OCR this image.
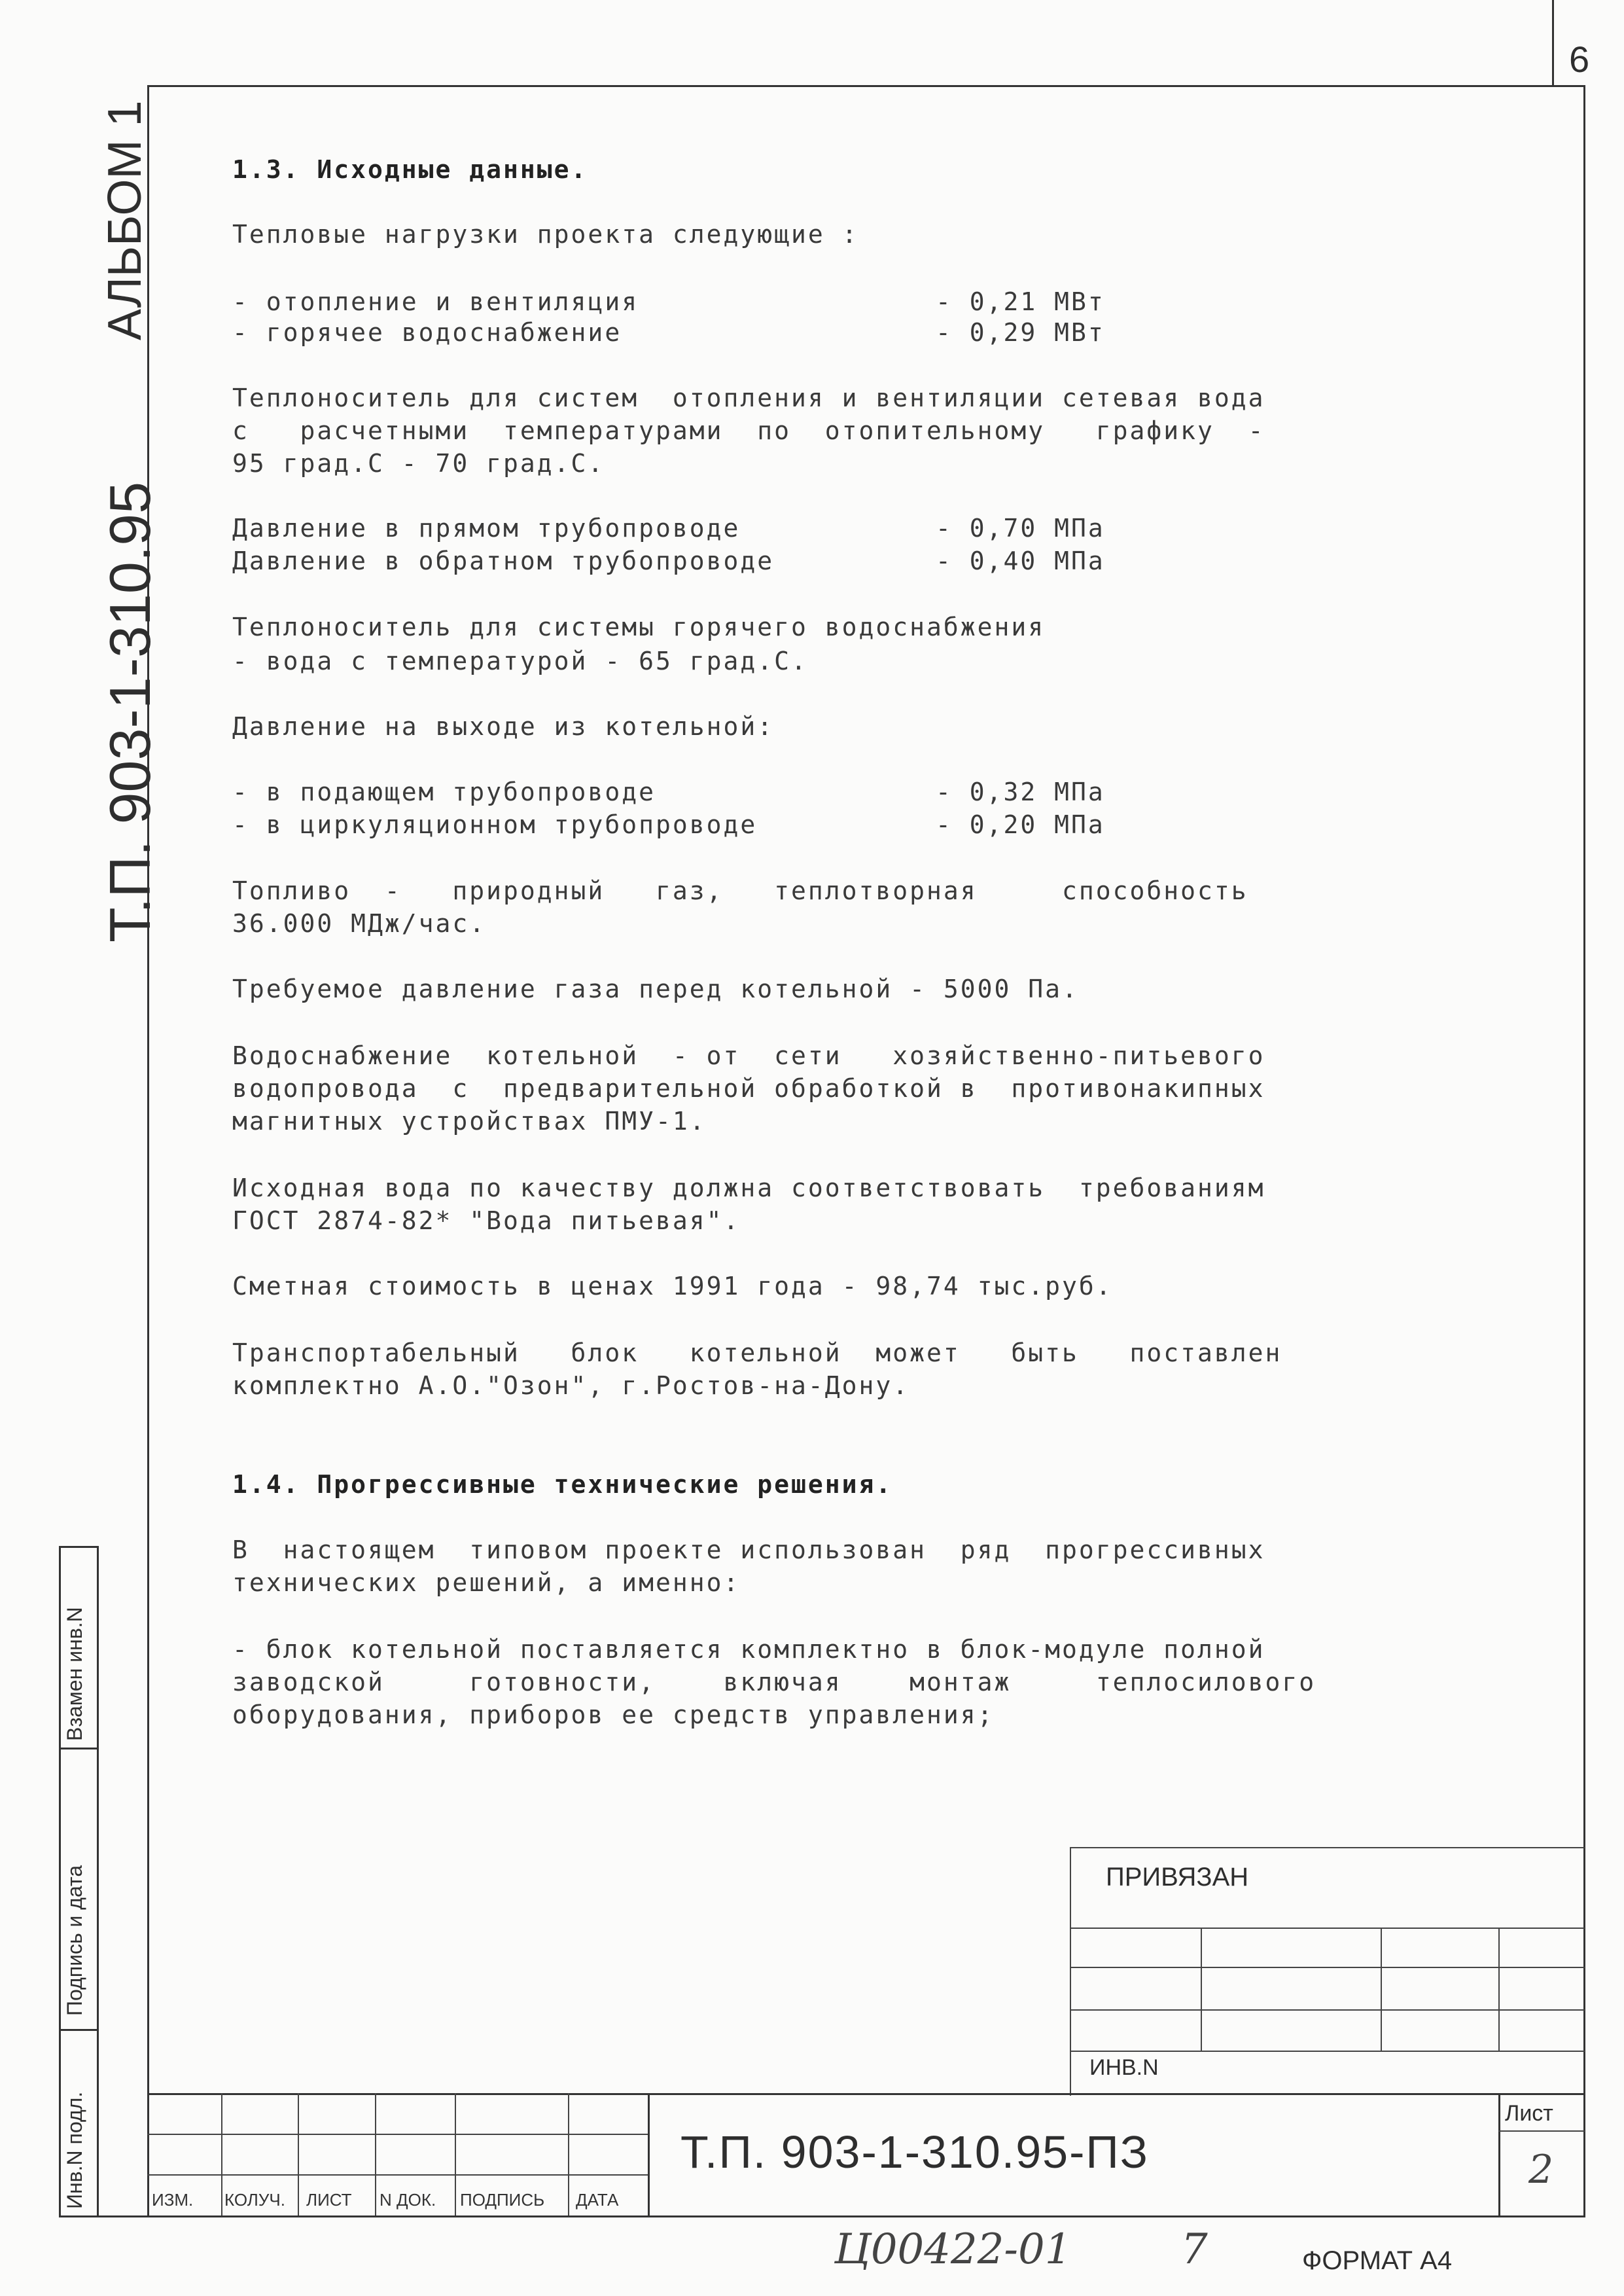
6
АЛЬБОМ 1
Т.П. 903-1-310.95
Взамен инв.N
Подпись и дата
Инв.N подл.
1.3. Исходные данные.
Тепловые нагрузки проекта следующие :
- отопление и вентиляция	- 0,21 МВт
- горячее водоснабжение	- 0,29 МВт
Теплоноситель для систем  отопления и вентиляции сетевая вода
с   расчетными  температурами  по  отопительному   графику  -
95 град.С - 70 град.С.
Давление в прямом трубопроводе	- 0,70 МПа
Давление в обратном трубопроводе	- 0,40 МПа
Теплоноситель для системы горячего водоснабжения
- вода с температурой - 65 град.С.
Давление на выходе из котельной:
- в подающем трубопроводе	- 0,32 МПа
- в циркуляционном трубопроводе	- 0,20 МПа
Топливо  -   природный   газ,   теплотворная     способность
36.000 МДж/час.
Требуемое давление газа перед котельной - 5000 Па.
Водоснабжение  котельной  - от  сети   хозяйственно-питьевого
водопровода  с  предварительной обработкой в  противонакипных
магнитных устройствах ПМУ-1.
Исходная вода по качеству должна соответствовать  требованиям
ГОСТ 2874-82* "Вода питьевая".
Сметная стоимость в ценах 1991 года - 98,74 тыс.руб.
Транспортабельный   блок   котельной  может   быть   поставлен
комплектно А.О."Озон", г.Ростов-на-Дону.
1.4. Прогрессивные технические решения.
В  настоящем  типовом проекте использован  ряд  прогрессивных
технических решений, а именно:
- блок котельной поставляется комплектно в блок-модуле полной
заводской     готовности,    включая    монтаж     теплосилового
оборудования, приборов ее средств управления;
ПРИВЯЗАН
ИНВ.N
ИЗМ. КОЛУЧ. ЛИСТ N ДОК. ПОДПИСЬ ДАТА
Т.П. 903-1-310.95-ПЗ
Лист
2
Ц00422-01	7	ФОРМАТ А4
